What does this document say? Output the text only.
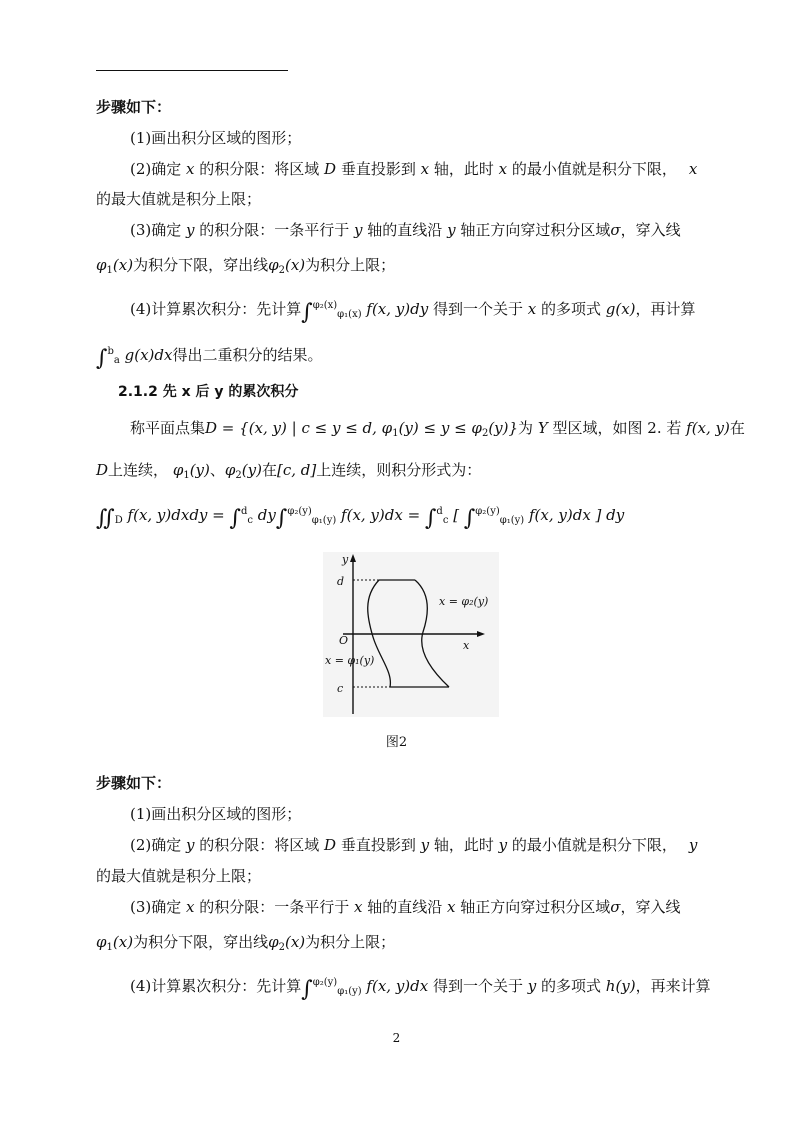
步骤如下：
(1)画出积分区域的图形；
(2)确定 x 的积分限：将区域 D 垂直投影到 x 轴，此时 x 的最小值就是积分下限， x
的最大值就是积分上限；
(3)确定 y 的积分限：一条平行于 y 轴的直线沿 y 轴正方向穿过积分区域σ，穿入线
$\varphi_1(x)$为积分下限，穿出线$\varphi_2(x)$为积分上限；
(4)计算累次积分：先计算∫$^{\varphi_2(x)}_{\varphi_1(x)}$ f(x, y)dy 得到一个关于 x 的多项式 g(x)，再计算
∫$^b_a$ g(x)dx得出二重积分的结果。
2.1.2 先 x 后 y 的累次积分
称平面点集D = {(x, y) | c ≤ y ≤ d, $\varphi_1(y) \le y \le \varphi_2(y)$}为 Y 型区域，如图 2. 若 f(x, y)在
D上连续， $\varphi_1(y)$、$\varphi_2(y)$在[c, d]上连续，则积分形式为：
$∬_D$ f(x, y)dxdy = ∫$^d_c$ dy∫$^{\varphi_2(y)}_{\varphi_1(y)}$ f(x, y)dx = ∫$^d_c$ [ ∫$^{\varphi_2(y)}_{\varphi_1(y)}$ f(x, y)dx ] dy
y
x
O
d
c
x = φ₂(y)
x = φ₁(y)
图2
步骤如下：
(1)画出积分区域的图形；
(2)确定 y 的积分限：将区域 D 垂直投影到 y 轴，此时 y 的最小值就是积分下限， y
的最大值就是积分上限；
(3)确定 x 的积分限：一条平行于 x 轴的直线沿 x 轴正方向穿过积分区域σ，穿入线
$\varphi_1(x)$为积分下限，穿出线$\varphi_2(x)$为积分上限；
(4)计算累次积分：先计算∫$^{\varphi_2(y)}_{\varphi_1(y)}$ f(x, y)dx 得到一个关于 y 的多项式 h(y)，再来计算
2
